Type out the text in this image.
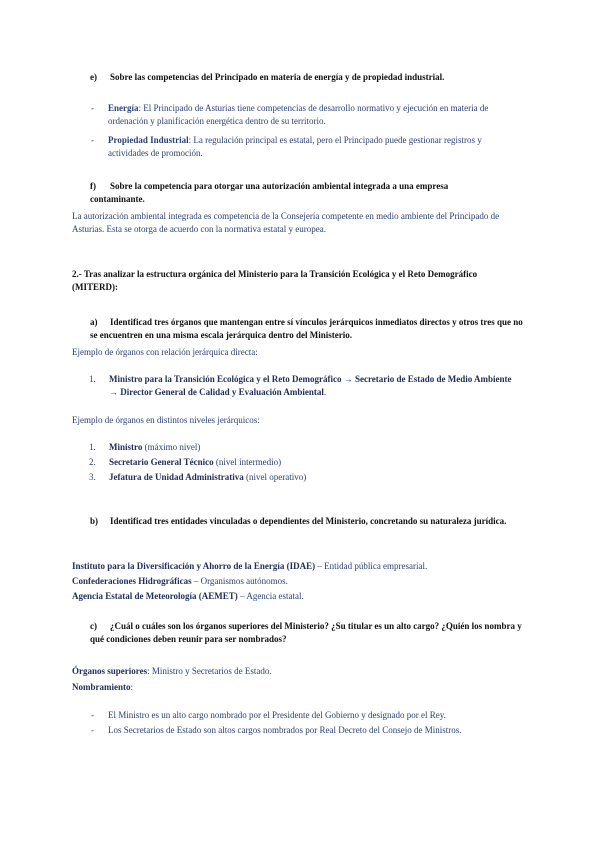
e) Sobre las competencias del Principado en materia de energía y de propiedad industrial.
- Energía: El Principado de Asturias tiene competencias de desarrollo normativo y ejecución en materia de ordenación y planificación energética dentro de su territorio.
- Propiedad Industrial: La regulación principal es estatal, pero el Principado puede gestionar registros y actividades de promoción.
f) Sobre la competencia para otorgar una autorización ambiental integrada a una empresa contaminante.
La autorización ambiental integrada es competencia de la Consejería competente en medio ambiente del Principado de Asturias. Esta se otorga de acuerdo con la normativa estatal y europea.
2.- Tras analizar la estructura orgánica del Ministerio para la Transición Ecológica y el Reto Demográfico (MITERD):
a) Identificad tres órganos que mantengan entre sí vínculos jerárquicos inmediatos directos y otros tres que no se encuentren en una misma escala jerárquica dentro del Ministerio.
Ejemplo de órganos con relación jerárquica directa:
1. Ministro para la Transición Ecológica y el Reto Demográfico → Secretario de Estado de Medio Ambiente → Director General de Calidad y Evaluación Ambiental.
Ejemplo de órganos en distintos niveles jerárquicos:
1. Ministro (máximo nivel)
2. Secretario General Técnico (nivel intermedio)
3. Jefatura de Unidad Administrativa (nivel operativo)
b) Identificad tres entidades vinculadas o dependientes del Ministerio, concretando su naturaleza jurídica.
Instituto para la Diversificación y Ahorro de la Energía (IDAE) – Entidad pública empresarial.
Confederaciones Hidrográficas – Organismos autónomos.
Agencia Estatal de Meteorología (AEMET) – Agencia estatal.
c) ¿Cuál o cuáles son los órganos superiores del Ministerio? ¿Su titular es un alto cargo? ¿Quién los nombra y qué condiciones deben reunir para ser nombrados?
Órganos superiores: Ministro y Secretarios de Estado.
Nombramiento:
- El Ministro es un alto cargo nombrado por el Presidente del Gobierno y designado por el Rey.
- Los Secretarios de Estado son altos cargos nombrados por Real Decreto del Consejo de Ministros.
